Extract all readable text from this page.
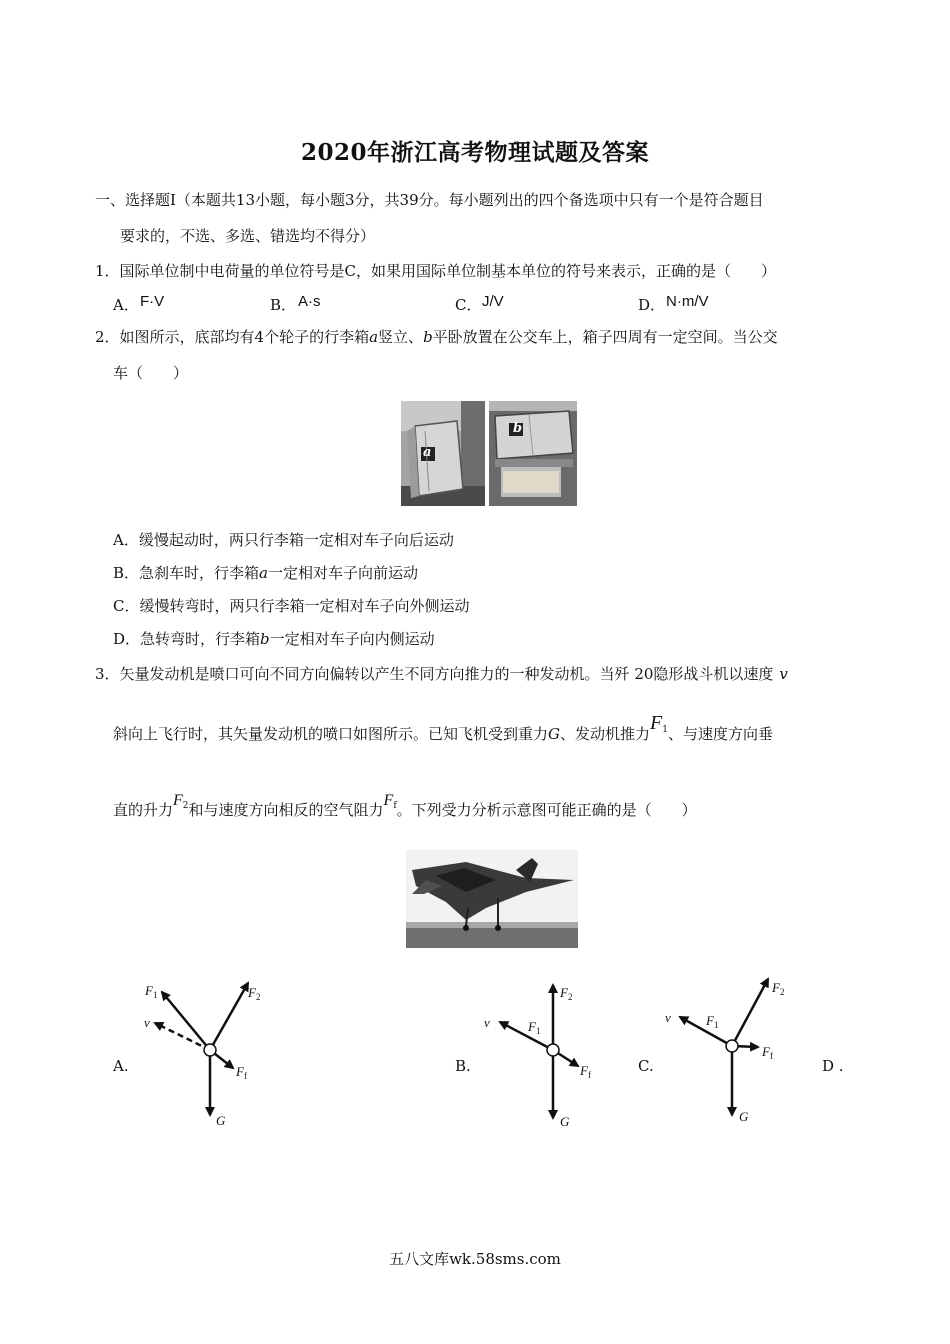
2020年浙江高考物理试题及答案
一、选择题Ⅰ（本题共13小题，每小题3分，共39分。每小题列出的四个备选项中只有一个是符合题目
要求的，不选、多选、错选均不得分）
1．国际单位制中电荷量的单位符号是C，如果用国际单位制基本单位的符号来表示，正确的是（　　）
A． F·V	B． A·s	C． J/V	D． N·m/V
2．如图所示，底部均有4个轮子的行李箱a竖立、b平卧放置在公交车上，箱子四周有一定空间。当公交
车（　　）
a
b
A．缓慢起动时，两只行李箱一定相对车子向后运动
B．急刹车时，行李箱a一定相对车子向前运动
C．缓慢转弯时，两只行李箱一定相对车子向外侧运动
D．急转弯时，行李箱b一定相对车子向内侧运动
3．矢量发动机是喷口可向不同方向偏转以产生不同方向推力的一种发动机。当歼 20隐形战斗机以速度 v
斜向上飞行时，其矢量发动机的喷口如图所示。已知飞机受到重力G、发动机推力$F_1$、与速度方向垂
直的升力$F_2$和与速度方向相反的空气阻力$F_f$。下列受力分析示意图可能正确的是（　　）
A.	B.	C.	D .
$F_1$	$F_2$
v
$F_f$
G
$F_2$
v	$F_1$
$F_f$
G
$F_2$
v	$F_1$
$F_f$
G
五八文库wk.58sms.com
